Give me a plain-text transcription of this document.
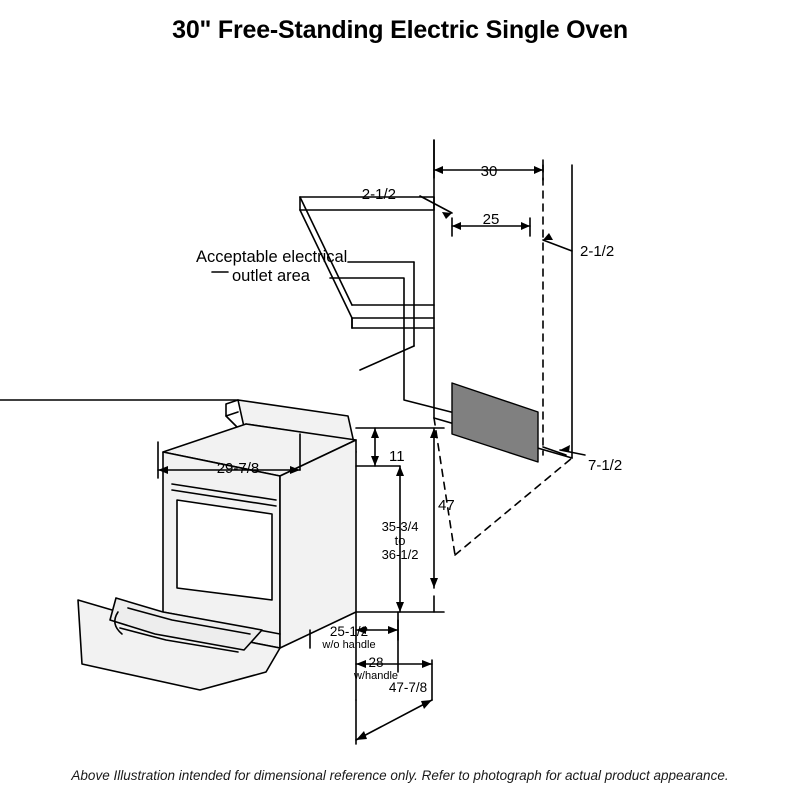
30" Free-Standing Electric Single Oven
30
25
2-1/2
2-1/2
7-1/2
11
47
35-3/4
to
36-1/2
29-7/8
25-1/2
w/o handle
28
w/handle
47-7/8
Acceptable electrical
outlet area
Above Illustration intended for dimensional reference only. Refer to photograph for actual product appearance.
